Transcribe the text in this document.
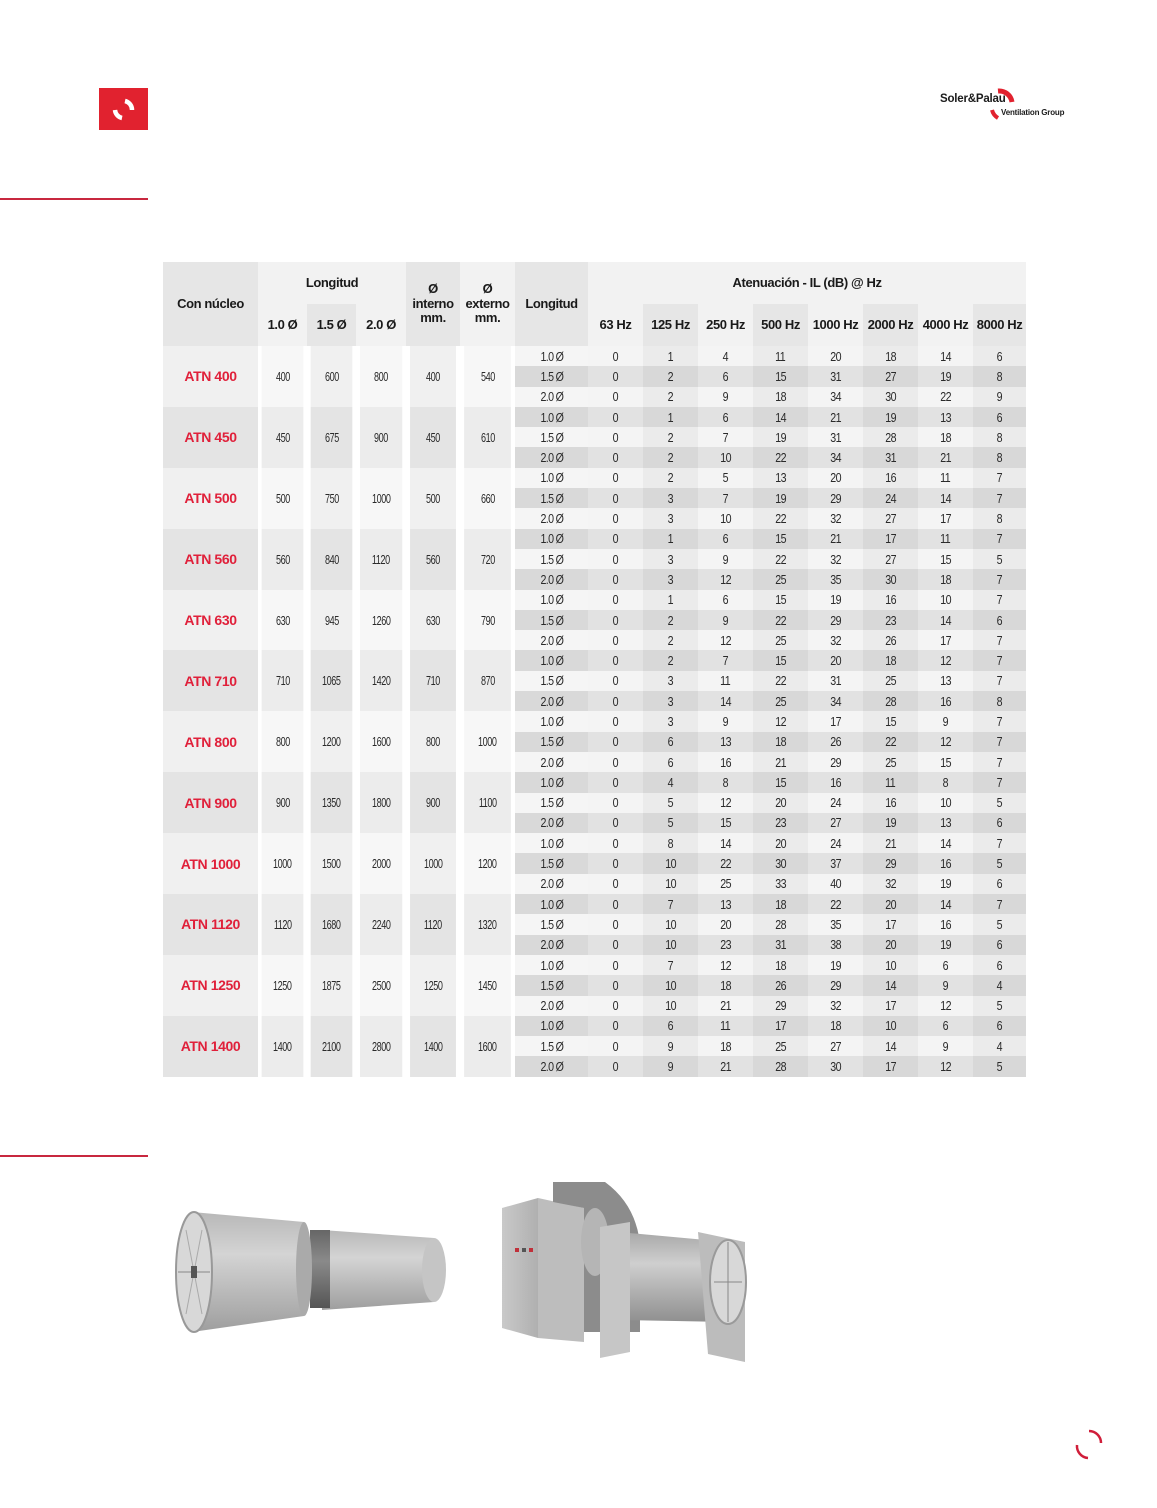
Soler&Palau
Ventilation Group
Con núcleo	Longitud			Ø
interno
mm.	Ø
externo
mm.	Longitud	Atenuación - IL (dB) @ Hz							
	1.0 Ø	1.5 Ø	2.0 Ø				63 Hz	125 Hz	250 Hz	500 Hz	1000 Hz	2000 Hz	4000 Hz	8000 Hz
ATN 400	400	600	800	400	540	1.0 Ø	0	1	4	11	20	18	14	6
						1.5 Ø	0	2	6	15	31	27	19	8
						2.0 Ø	0	2	9	18	34	30	22	9
ATN 450	450	675	900	450	610	1.0 Ø	0	1	6	14	21	19	13	6
						1.5 Ø	0	2	7	19	31	28	18	8
						2.0 Ø	0	2	10	22	34	31	21	8
ATN 500	500	750	1000	500	660	1.0 Ø	0	2	5	13	20	16	11	7
						1.5 Ø	0	3	7	19	29	24	14	7
						2.0 Ø	0	3	10	22	32	27	17	8
ATN 560	560	840	1120	560	720	1.0 Ø	0	1	6	15	21	17	11	7
						1.5 Ø	0	3	9	22	32	27	15	5
						2.0 Ø	0	3	12	25	35	30	18	7
ATN 630	630	945	1260	630	790	1.0 Ø	0	1	6	15	19	16	10	7
						1.5 Ø	0	2	9	22	29	23	14	6
						2.0 Ø	0	2	12	25	32	26	17	7
ATN 710	710	1065	1420	710	870	1.0 Ø	0	2	7	15	20	18	12	7
						1.5 Ø	0	3	11	22	31	25	13	7
						2.0 Ø	0	3	14	25	34	28	16	8
ATN 800	800	1200	1600	800	1000	1.0 Ø	0	3	9	12	17	15	9	7
						1.5 Ø	0	6	13	18	26	22	12	7
						2.0 Ø	0	6	16	21	29	25	15	7
ATN 900	900	1350	1800	900	1100	1.0 Ø	0	4	8	15	16	11	8	7
						1.5 Ø	0	5	12	20	24	16	10	5
						2.0 Ø	0	5	15	23	27	19	13	6
ATN 1000	1000	1500	2000	1000	1200	1.0 Ø	0	8	14	20	24	21	14	7
						1.5 Ø	0	10	22	30	37	29	16	5
						2.0 Ø	0	10	25	33	40	32	19	6
ATN 1120	1120	1680	2240	1120	1320	1.0 Ø	0	7	13	18	22	20	14	7
						1.5 Ø	0	10	20	28	35	17	16	5
						2.0 Ø	0	10	23	31	38	20	19	6
ATN 1250	1250	1875	2500	1250	1450	1.0 Ø	0	7	12	18	19	10	6	6
						1.5 Ø	0	10	18	26	29	14	9	4
						2.0 Ø	0	10	21	29	32	17	12	5
ATN 1400	1400	2100	2800	1400	1600	1.0 Ø	0	6	11	17	18	10	6	6
						1.5 Ø	0	9	18	25	27	14	9	4
						2.0 Ø	0	9	21	28	30	17	12	5
